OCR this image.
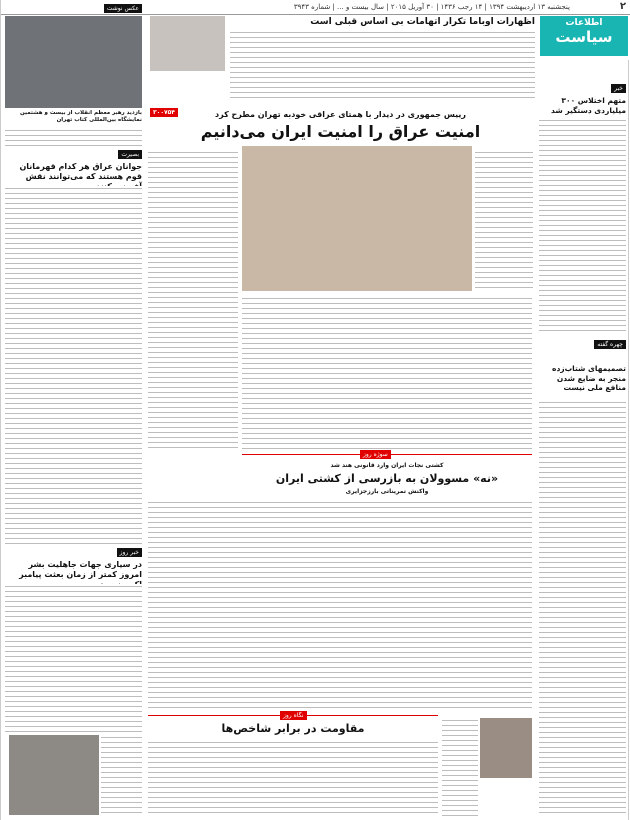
۲
پنجشنبه ۱۳ اردیبهشت ۱۳۹۴ | ۱۴ رجب ۱۴۳۶ | ۳۰ آوریل ۲۰۱۵ | سال بیست و ... | شماره ۳۹۴۳
اطلاعات
سیاست
اظهارات اوباما تکرار اتهامات بی اساس قبلی است
عکس نوشت
بازدید رهبر معظم انقلاب از بیست و هشتمین نمایشگاه بین‌المللی کتاب تهران
بصیرت
جوانان عراق هر کدام قهرمانان قوم هستند که می‌توانند نقش
خبر روز
در سیاری جهات جاهلیت بشر امروز کمتر از زمان بعثت پیامبر
رییس جمهوری در دیدار با همتای عراقی خودبه تهران مطرح کرد
امنیت عراق را امنیت ایران می‌دانیم
۳۰۰۷۵۴
سوژه روز
کشتی نجات ایران وارد قانونی هند شد
«نه» مسوولان به بازرسی از کشتی ایران
واکنش تمریناتی بارزجزایری
نگاه روز
مقاومت در برابر شاخص‌ها
خبر
متهم اختلاس ۳۰۰ میلیاردی دستگیر شد
چهره گفته
تصمیمهای شتاب‌زده منجر به ضایع شدن منافع ملی نیست
